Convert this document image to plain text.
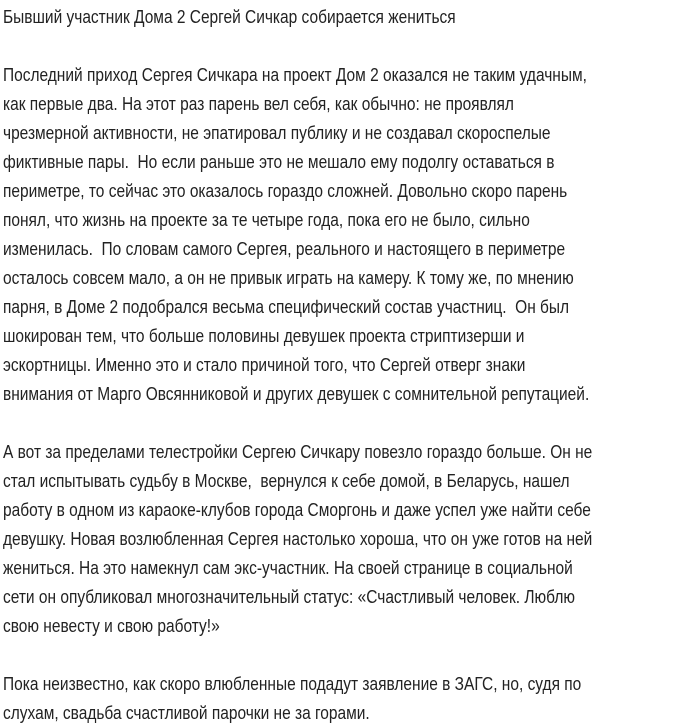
Бывший участник Дома 2 Сергей Сичкар собирается жениться

Последний приход Сергея Сичкара на проект Дом 2 оказался не таким удачным,
как первые два. На этот раз парень вел себя, как обычно: не проявлял
чрезмерной активности, не эпатировал публику и не создавал скороспелые
фиктивные пары.  Но если раньше это не мешало ему подолгу оставаться в
периметре, то сейчас это оказалось гораздо сложней. Довольно скоро парень
понял, что жизнь на проекте за те четыре года, пока его не было, сильно
изменилась.  По словам самого Сергея, реального и настоящего в периметре
осталось совсем мало, а он не привык играть на камеру. К тому же, по мнению
парня, в Доме 2 подобрался весьма специфический состав участниц.  Он был
шокирован тем, что больше половины девушек проекта стриптизерши и
эскортницы. Именно это и стало причиной того, что Сергей отверг знаки
внимания от Марго Овсянниковой и других девушек с сомнительной репутацией.

А вот за пределами телестройки Сергею Сичкару повезло гораздо больше. Он не
стал испытывать судьбу в Москве,  вернулся к себе домой, в Беларусь, нашел
работу в одном из караоке-клубов города Сморгонь и даже успел уже найти себе
девушку. Новая возлюбленная Сергея настолько хороша, что он уже готов на ней
жениться. На это намекнул сам экс-участник. На своей странице в социальной
сети он опубликовал многозначительный статус: «Счастливый человек. Люблю
свою невесту и свою работу!»

Пока неизвестно, как скоро влюбленные подадут заявление в ЗАГС, но, судя по
слухам, свадьба счастливой парочки не за горами.
